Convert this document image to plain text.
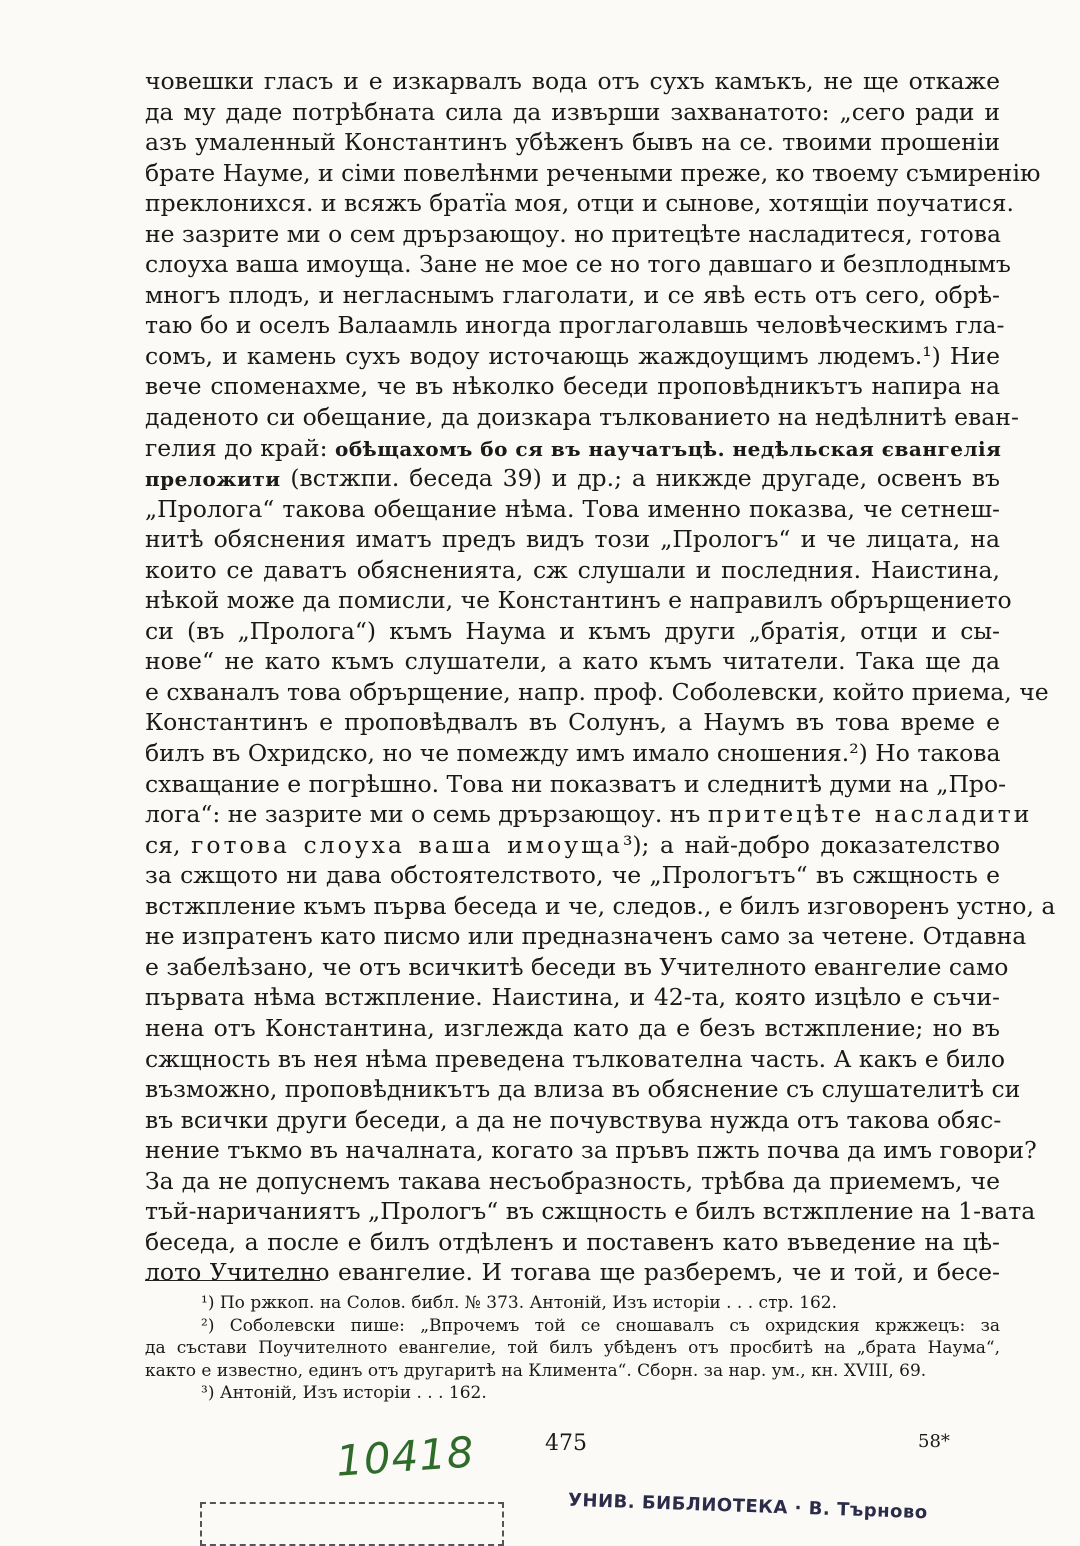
човешки гласъ и е изкарвалъ вода отъ сухъ камъкъ, не ще откаже
да му даде потрѣбната сила да извърши захванатото: „сего ради и
азъ умаленный Константинъ убѣженъ бывъ на се. твоими прошеніи
брате Науме, и сіми повелѣнми речеными преже, ко твоему съмиренію
преклонихся. и всяжъ братїа моя, отци и сынове, хотящіи поучатися.
не зазрите ми о сем дрързающоу. но притецѣте насладитеся, готова
слоуха ваша имоуща. Зане не мое се но того давшаго и безплоднымъ
многъ плодъ, и негласнымъ глаголати, и се явѣ есть отъ сего, обрѣ-
таю бо и оселъ Валаамль иногда проглаголавшь человѣческимъ гла-
сомъ, и камень сухъ водоу источающь жаждоущимъ людемъ.¹) Ние
вече споменахме, че въ нѣколко беседи проповѣдникътъ напира на
даденото си обещание, да доизкара тълкованието на недѣлнитѣ еван-
гелия до край: обѣщахомъ бо ся въ научатъцѣ. недѣльская євангелія
преложити (встжпи. беседа 39) и др.; а никжде другаде, освенъ въ
„Пролога“ такова обещание нѣма. Това именно показва, че сетнеш-
нитѣ обяснения иматъ предъ видъ този „Прологъ“ и че лицата, на
които се даватъ обясненията, сж слушали и последния. Наистина,
нѣкой може да помисли, че Константинъ е направилъ обрърщението
си (въ „Пролога“) къмъ Наума и къмъ други „братія, отци и сы-
нове“ не като къмъ слушатели, а като къмъ читатели. Така ще да
е схваналъ това обрърщение, напр. проф. Соболевски, който приема, че
Константинъ е проповѣдвалъ въ Солунъ, а Наумъ въ това време е
билъ въ Охридско, но че помежду имъ имало сношения.²) Но такова
схващание е погрѣшно. Това ни показватъ и следнитѣ думи на „Про-
лога“: не зазрите ми о семь дрързающоу. нъ притецѣте насладити
ся, готова слоуха ваша имоуща³); а най-добро доказателство
за сжщото ни дава обстоятелството, че „Прологътъ“ въ сжщность е
встжпление къмъ първа беседа и че, следов., е билъ изговоренъ устно, а
не изпратенъ като писмо или предназначенъ само за четене. Отдавна
е забелѣзано, че отъ всичкитѣ беседи въ Учителното евангелие само
първата нѣма встжпление. Наистина, и 42-та, която изцѣло е съчи-
нена отъ Константина, изглежда като да е безъ встжпление; но въ
сжщность въ нея нѣма преведена тълкователна часть. А какъ е било
възможно, проповѣдникътъ да влиза въ обяснение съ слушателитѣ си
въ всички други беседи, а да не почувствува нужда отъ такова обяс-
нение тъкмо въ началната, когато за пръвъ пжть почва да имъ говори?
За да не допуснемъ такава несъобразность, трѣбва да приемемъ, че
тъй-наричаниятъ „Прологъ“ въ сжщность е билъ встжпление на 1-вата
беседа, а после е билъ отдѣленъ и поставенъ като въведение на цѣ-
лото Учително евангелие. И тогава ще разберемъ, че и той, и бесе-
¹) По ржкоп. на Солов. библ. № 373. Антоній, Изъ исторіи . . . стр. 162.
²) Соболевски пише: „Впрочемъ той се сношавалъ съ охридския кржжецъ: за
да състави Поучителното евангелие, той билъ убѣденъ отъ просбитѣ на „брата Наума“,
както е известно, единъ отъ другаритѣ на Климента“. Сборн. за нар. ум., кн. XVIII, 69.
³) Антоній, Изъ исторіи . . . 162.
10418	475	58*
УНИВ. БИБЛИОТЕКА · В. Търново
